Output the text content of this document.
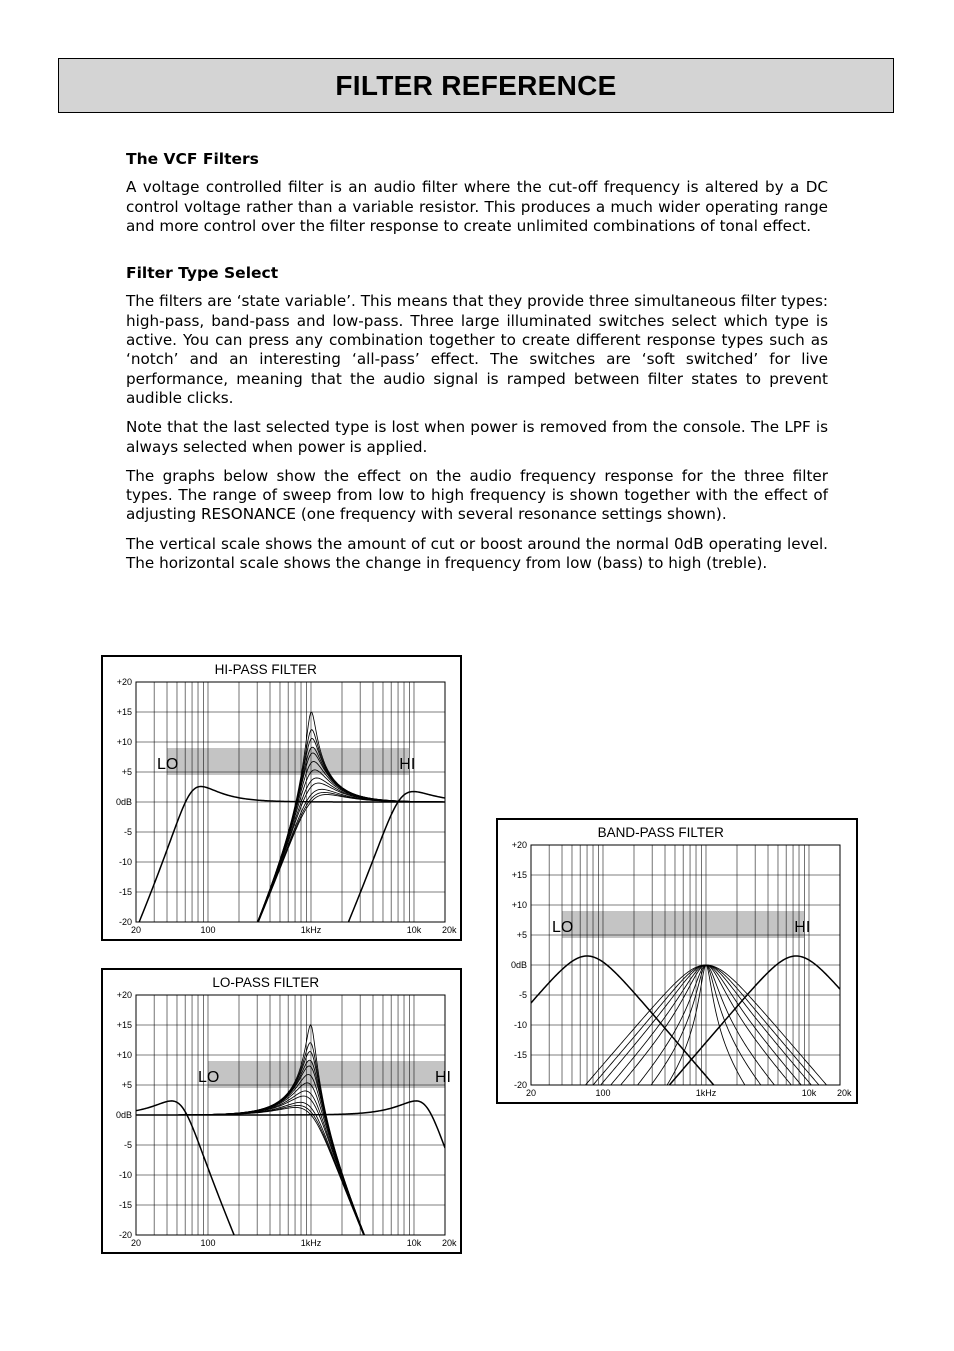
FILTER REFERENCE
The VCF Filters

A voltage controlled filter is an audio filter where the cut-off frequency is altered by a DC control voltage rather than a variable resistor. This produces a much wider operating range and more control over the filter response to create unlimited combinations of tonal effect.

Filter Type Select

The filters are ‘state variable’. This means that they provide three simultaneous filter types: high-pass, band-pass and low-pass. Three large illuminated switches select which type is active. You can press any combination together to create different response types such as ‘notch’ and an interesting ‘all-pass’ effect. The switches are ‘soft switched’ for live performance, meaning that the audio signal is ramped between filter states to prevent audible clicks.

Note that the last selected type is lost when power is removed from the console. The LPF is always selected when power is applied.

The graphs below show the effect on the audio frequency response for the three filter types. The range of sweep from low to high frequency is shown together with the effect of adjusting RESONANCE (one frequency with several resonance settings shown).

The vertical scale shows the amount of cut or boost around the normal 0dB operating level. The horizontal scale shows the change in frequency from low (bass) to high (treble).

HI-PASS FILTER
+20
+15
+10
+5
0dB
-5
-10
-15
-20
20	100	1kHz	10k 20k
LO	HI
LO-PASS FILTER
+20
+15
+10
+5
0dB
-5
-10
-15
-20
20	100	1kHz	10k 20k
LO	HI
BAND-PASS FILTER
+20
+15
+10
+5
0dB
-5
-10
-15
-20
20	100	1kHz	10k 20k
LO	HI
